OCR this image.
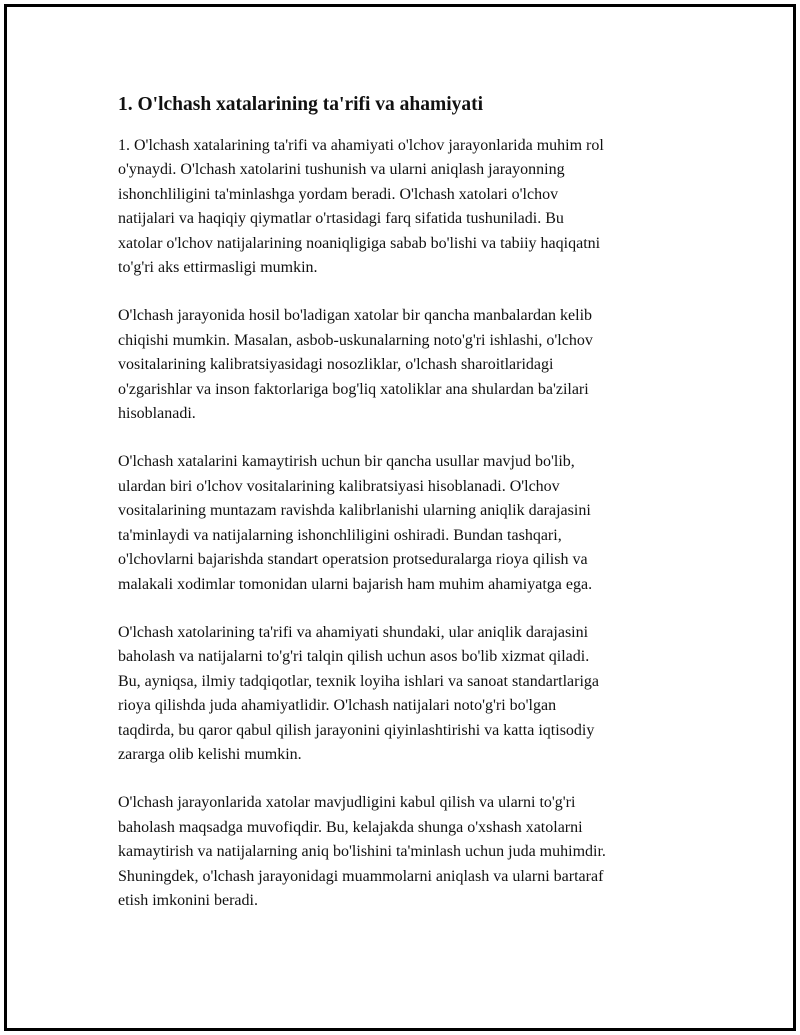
1. O'lchash xatalarining ta'rifi va ahamiyati

1. O'lchash xatalarining ta'rifi va ahamiyati o'lchov jarayonlarida muhim rol
o'ynaydi. O'lchash xatolarini tushunish va ularni aniqlash jarayonning
ishonchliligini ta'minlashga yordam beradi. O'lchash xatolari o'lchov
natijalari va haqiqiy qiymatlar o'rtasidagi farq sifatida tushuniladi. Bu
xatolar o'lchov natijalarining noaniqligiga sabab bo'lishi va tabiiy haqiqatni
to'g'ri aks ettirmasligi mumkin.

O'lchash jarayonida hosil bo'ladigan xatolar bir qancha manbalardan kelib
chiqishi mumkin. Masalan, asbob-uskunalarning noto'g'ri ishlashi, o'lchov
vositalarining kalibratsiyasidagi nosozliklar, o'lchash sharoitlaridagi
o'zgarishlar va inson faktorlariga bog'liq xatoliklar ana shulardan ba'zilari
hisoblanadi.

O'lchash xatalarini kamaytirish uchun bir qancha usullar mavjud bo'lib,
ulardan biri o'lchov vositalarining kalibratsiyasi hisoblanadi. O'lchov
vositalarining muntazam ravishda kalibrlanishi ularning aniqlik darajasini
ta'minlaydi va natijalarning ishonchliligini oshiradi. Bundan tashqari,
o'lchovlarni bajarishda standart operatsion protseduralarga rioya qilish va
malakali xodimlar tomonidan ularni bajarish ham muhim ahamiyatga ega.

O'lchash xatolarining ta'rifi va ahamiyati shundaki, ular aniqlik darajasini
baholash va natijalarni to'g'ri talqin qilish uchun asos bo'lib xizmat qiladi.
Bu, ayniqsa, ilmiy tadqiqotlar, texnik loyiha ishlari va sanoat standartlariga
rioya qilishda juda ahamiyatlidir. O'lchash natijalari noto'g'ri bo'lgan
taqdirda, bu qaror qabul qilish jarayonini qiyinlashtirishi va katta iqtisodiy
zararga olib kelishi mumkin.

O'lchash jarayonlarida xatolar mavjudligini kabul qilish va ularni to'g'ri
baholash maqsadga muvofiqdir. Bu, kelajakda shunga o'xshash xatolarni
kamaytirish va natijalarning aniq bo'lishini ta'minlash uchun juda muhimdir.
Shuningdek, o'lchash jarayonidagi muammolarni aniqlash va ularni bartaraf
etish imkonini beradi.
